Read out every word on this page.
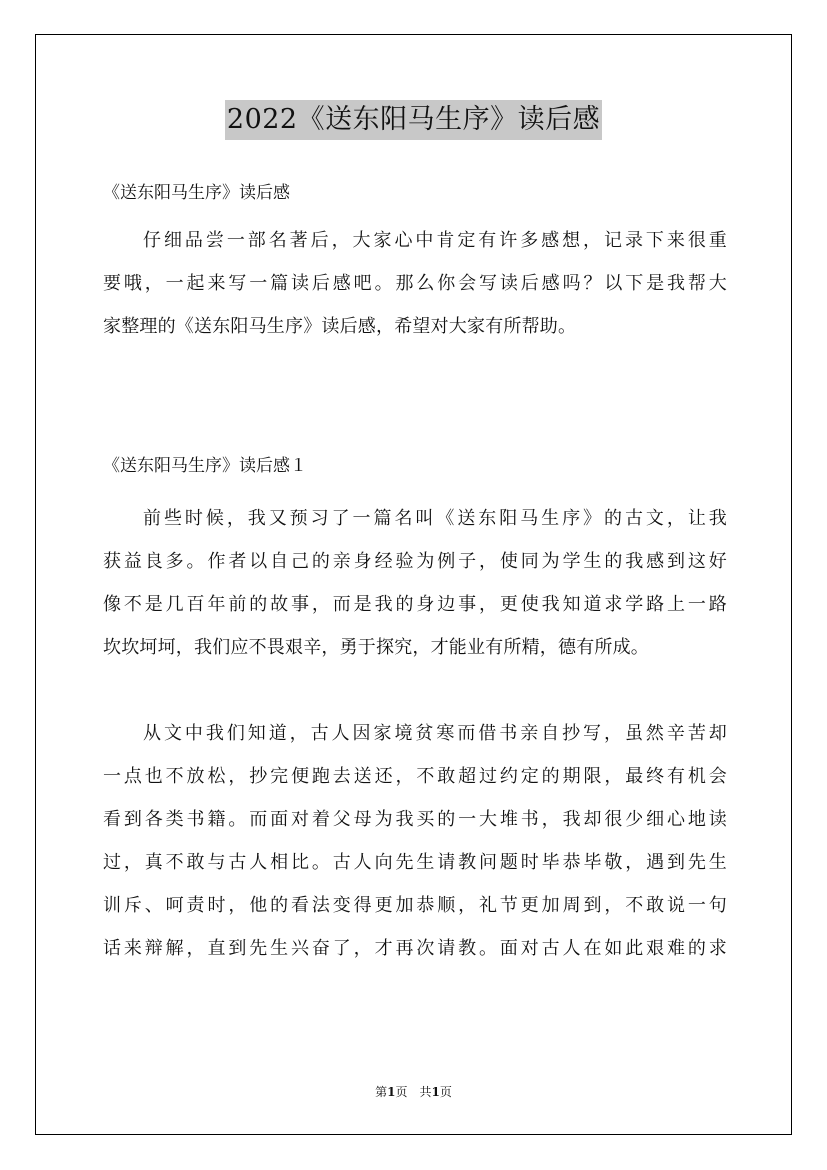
2022《送东阳马生序》读后感
《送东阳马生序》读后感
仔细品尝一部名著后，大家心中肯定有许多感想，记录下来很重
要哦，一起来写一篇读后感吧。那么你会写读后感吗？以下是我帮大
家整理的《送东阳马生序》读后感，希望对大家有所帮助。
《送东阳马生序》读后感１
前些时候，我又预习了一篇名叫《送东阳马生序》的古文，让我
获益良多。作者以自己的亲身经验为例子，使同为学生的我感到这好
像不是几百年前的故事，而是我的身边事，更使我知道求学路上一路
坎坎坷坷，我们应不畏艰辛，勇于探究，才能业有所精，德有所成。
从文中我们知道，古人因家境贫寒而借书亲自抄写，虽然辛苦却
一点也不放松，抄完便跑去送还，不敢超过约定的期限，最终有机会
看到各类书籍。而面对着父母为我买的一大堆书，我却很少细心地读
过，真不敢与古人相比。古人向先生请教问题时毕恭毕敬，遇到先生
训斥、呵责时，他的看法变得更加恭顺，礼节更加周到，不敢说一句
话来辩解，直到先生兴奋了，才再次请教。面对古人在如此艰难的求
第1页　共1页
